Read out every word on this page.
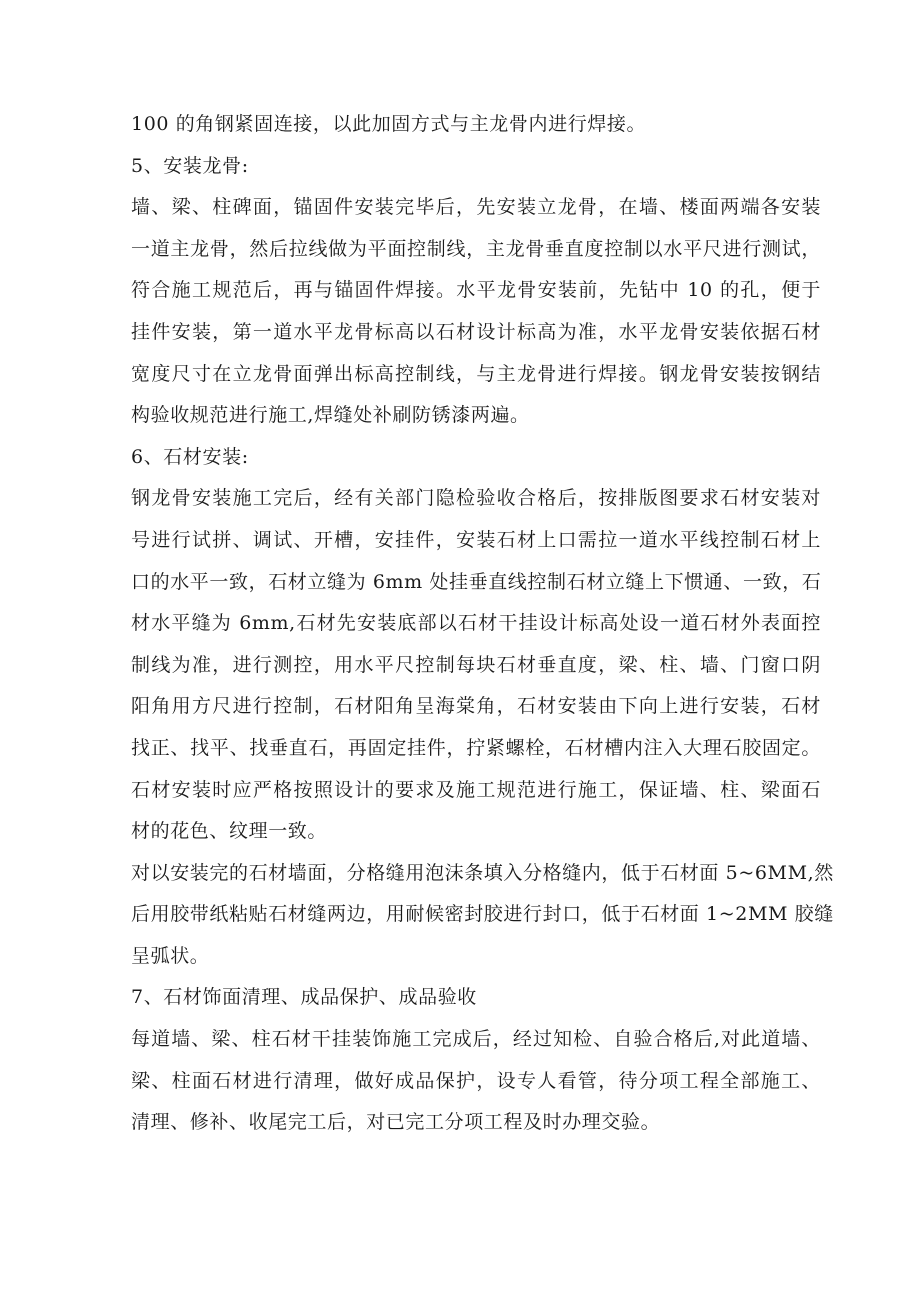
100 的角钢紧固连接，以此加固方式与主龙骨内进行焊接。
5、安装龙骨:
墙、梁、柱碑面，锚固件安装完毕后，先安装立龙骨，在墙、楼面两端各安装
一道主龙骨，然后拉线做为平面控制线，主龙骨垂直度控制以水平尺进行测试，
符合施工规范后，再与锚固件焊接。水平龙骨安装前，先钻中 10 的孔，便于
挂件安装，第一道水平龙骨标高以石材设计标高为准，水平龙骨安装依据石材
宽度尺寸在立龙骨面弹出标高控制线，与主龙骨进行焊接。钢龙骨安装按钢结
构验收规范进行施工,焊缝处补刷防锈漆两遍。
6、石材安装:
钢龙骨安装施工完后，经有关部门隐检验收合格后，按排版图要求石材安装对
号进行试拼、调试、开槽，安挂件，安装石材上口需拉一道水平线控制石材上
口的水平一致，石材立缝为 6mm 处挂垂直线控制石材立缝上下惯通、一致，石
材水平缝为 6mm,石材先安装底部以石材干挂设计标高处设一道石材外表面控
制线为准，进行测控，用水平尺控制每块石材垂直度，梁、柱、墙、门窗口阴
阳角用方尺进行控制，石材阳角呈海棠角，石材安装由下向上进行安装，石材
找正、找平、找垂直石，再固定挂件，拧紧螺栓，石材槽内注入大理石胶固定。
石材安装时应严格按照设计的要求及施工规范进行施工，保证墙、柱、梁面石
材的花色、纹理一致。
对以安装完的石材墙面，分格缝用泡沫条填入分格缝内，低于石材面 5~6MM,然
后用胶带纸粘贴石材缝两边，用耐候密封胶进行封口，低于石材面 1~2MM 胶缝
呈弧状。
7、石材饰面清理、成品保护、成品验收
每道墙、梁、柱石材干挂装饰施工完成后，经过知检、自验合格后,对此道墙、
梁、柱面石材进行清理，做好成品保护，设专人看管，待分项工程全部施工、
清理、修补、收尾完工后，对已完工分项工程及时办理交验。
